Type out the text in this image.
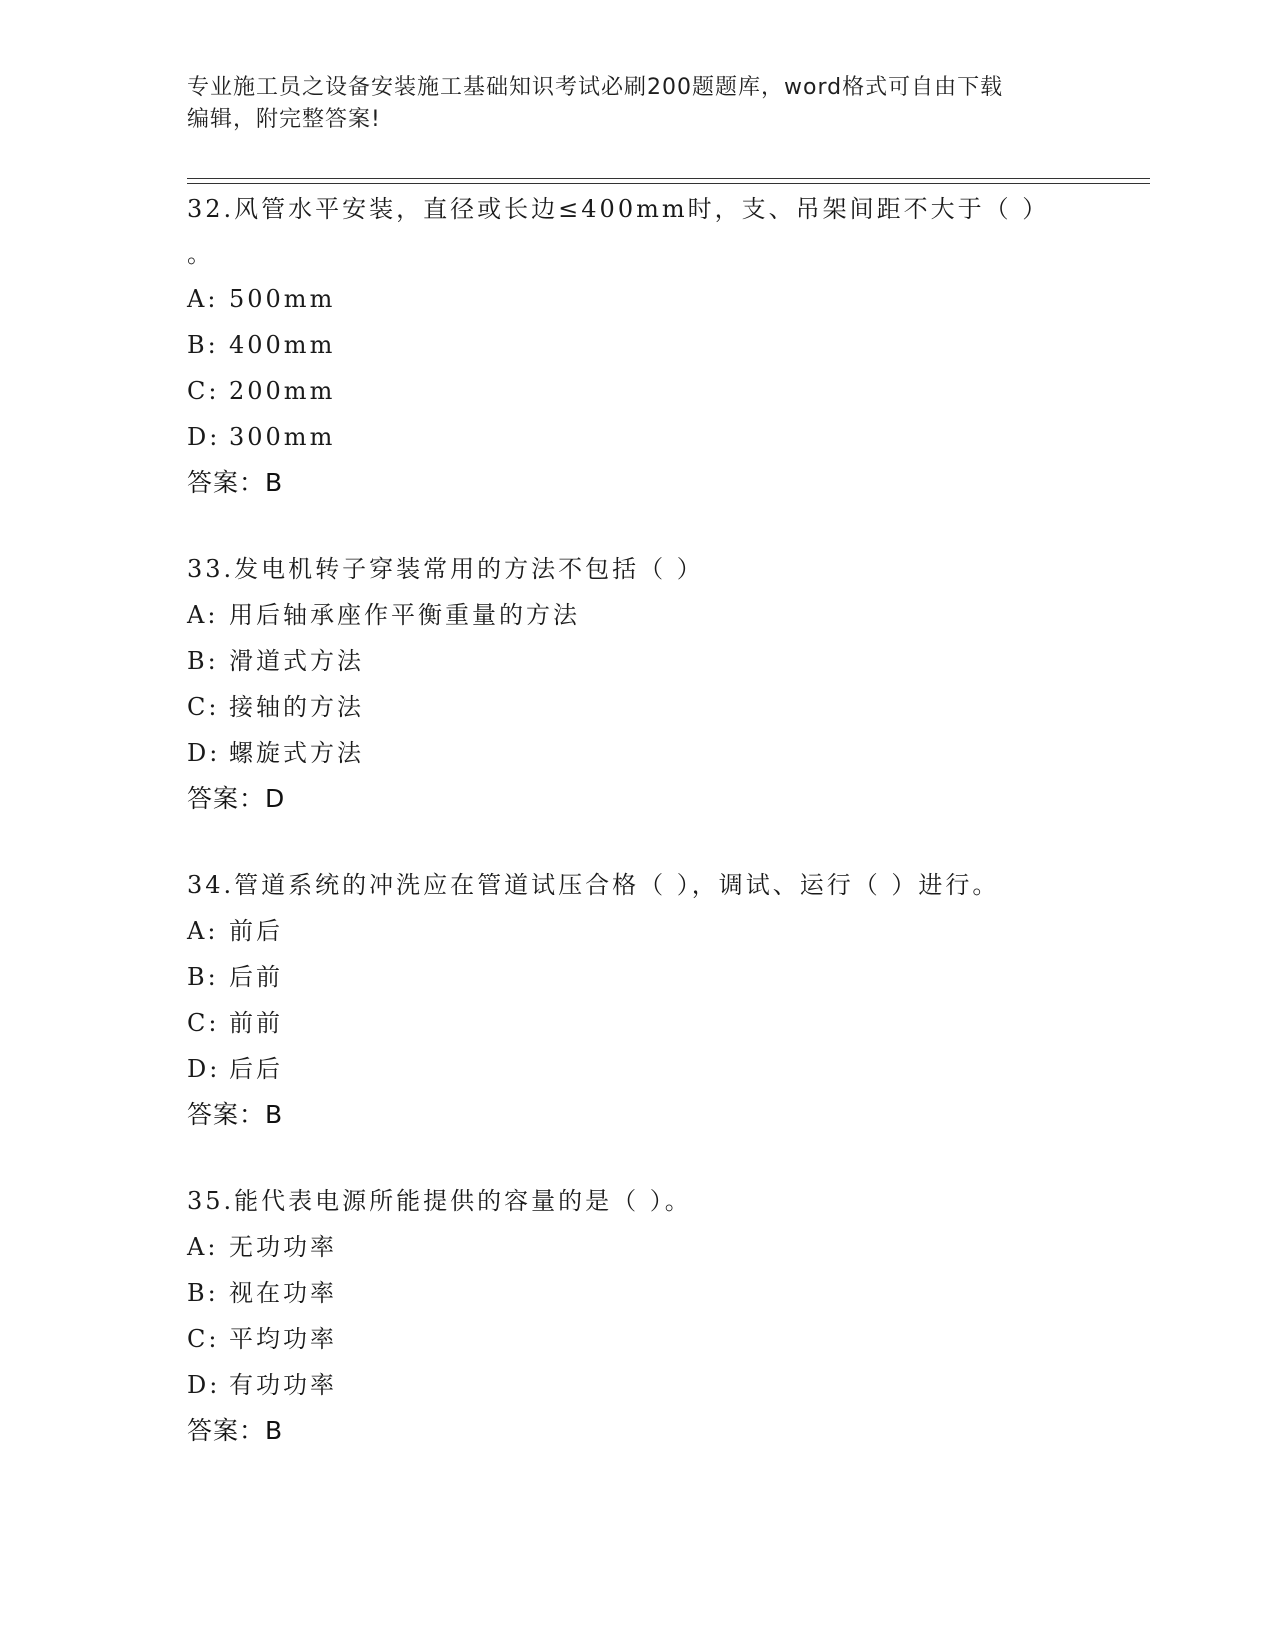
专业施工员之设备安装施工基础知识考试必刷200题题库，word格式可自由下载
编辑，附完整答案!
32.风管水平安装，直径或长边≤400mm时，支、吊架间距不大于（ ）
。
A: 500mm
B: 400mm
C: 200mm
D: 300mm
答案：B
33.发电机转子穿装常用的方法不包括（ ）
A: 用后轴承座作平衡重量的方法
B: 滑道式方法
C: 接轴的方法
D: 螺旋式方法
答案：D
34.管道系统的冲洗应在管道试压合格（ ），调试、运行（ ）进行。
A: 前后
B: 后前
C: 前前
D: 后后
答案：B
35.能代表电源所能提供的容量的是（ ）。
A: 无功功率
B: 视在功率
C: 平均功率
D: 有功功率
答案：B
